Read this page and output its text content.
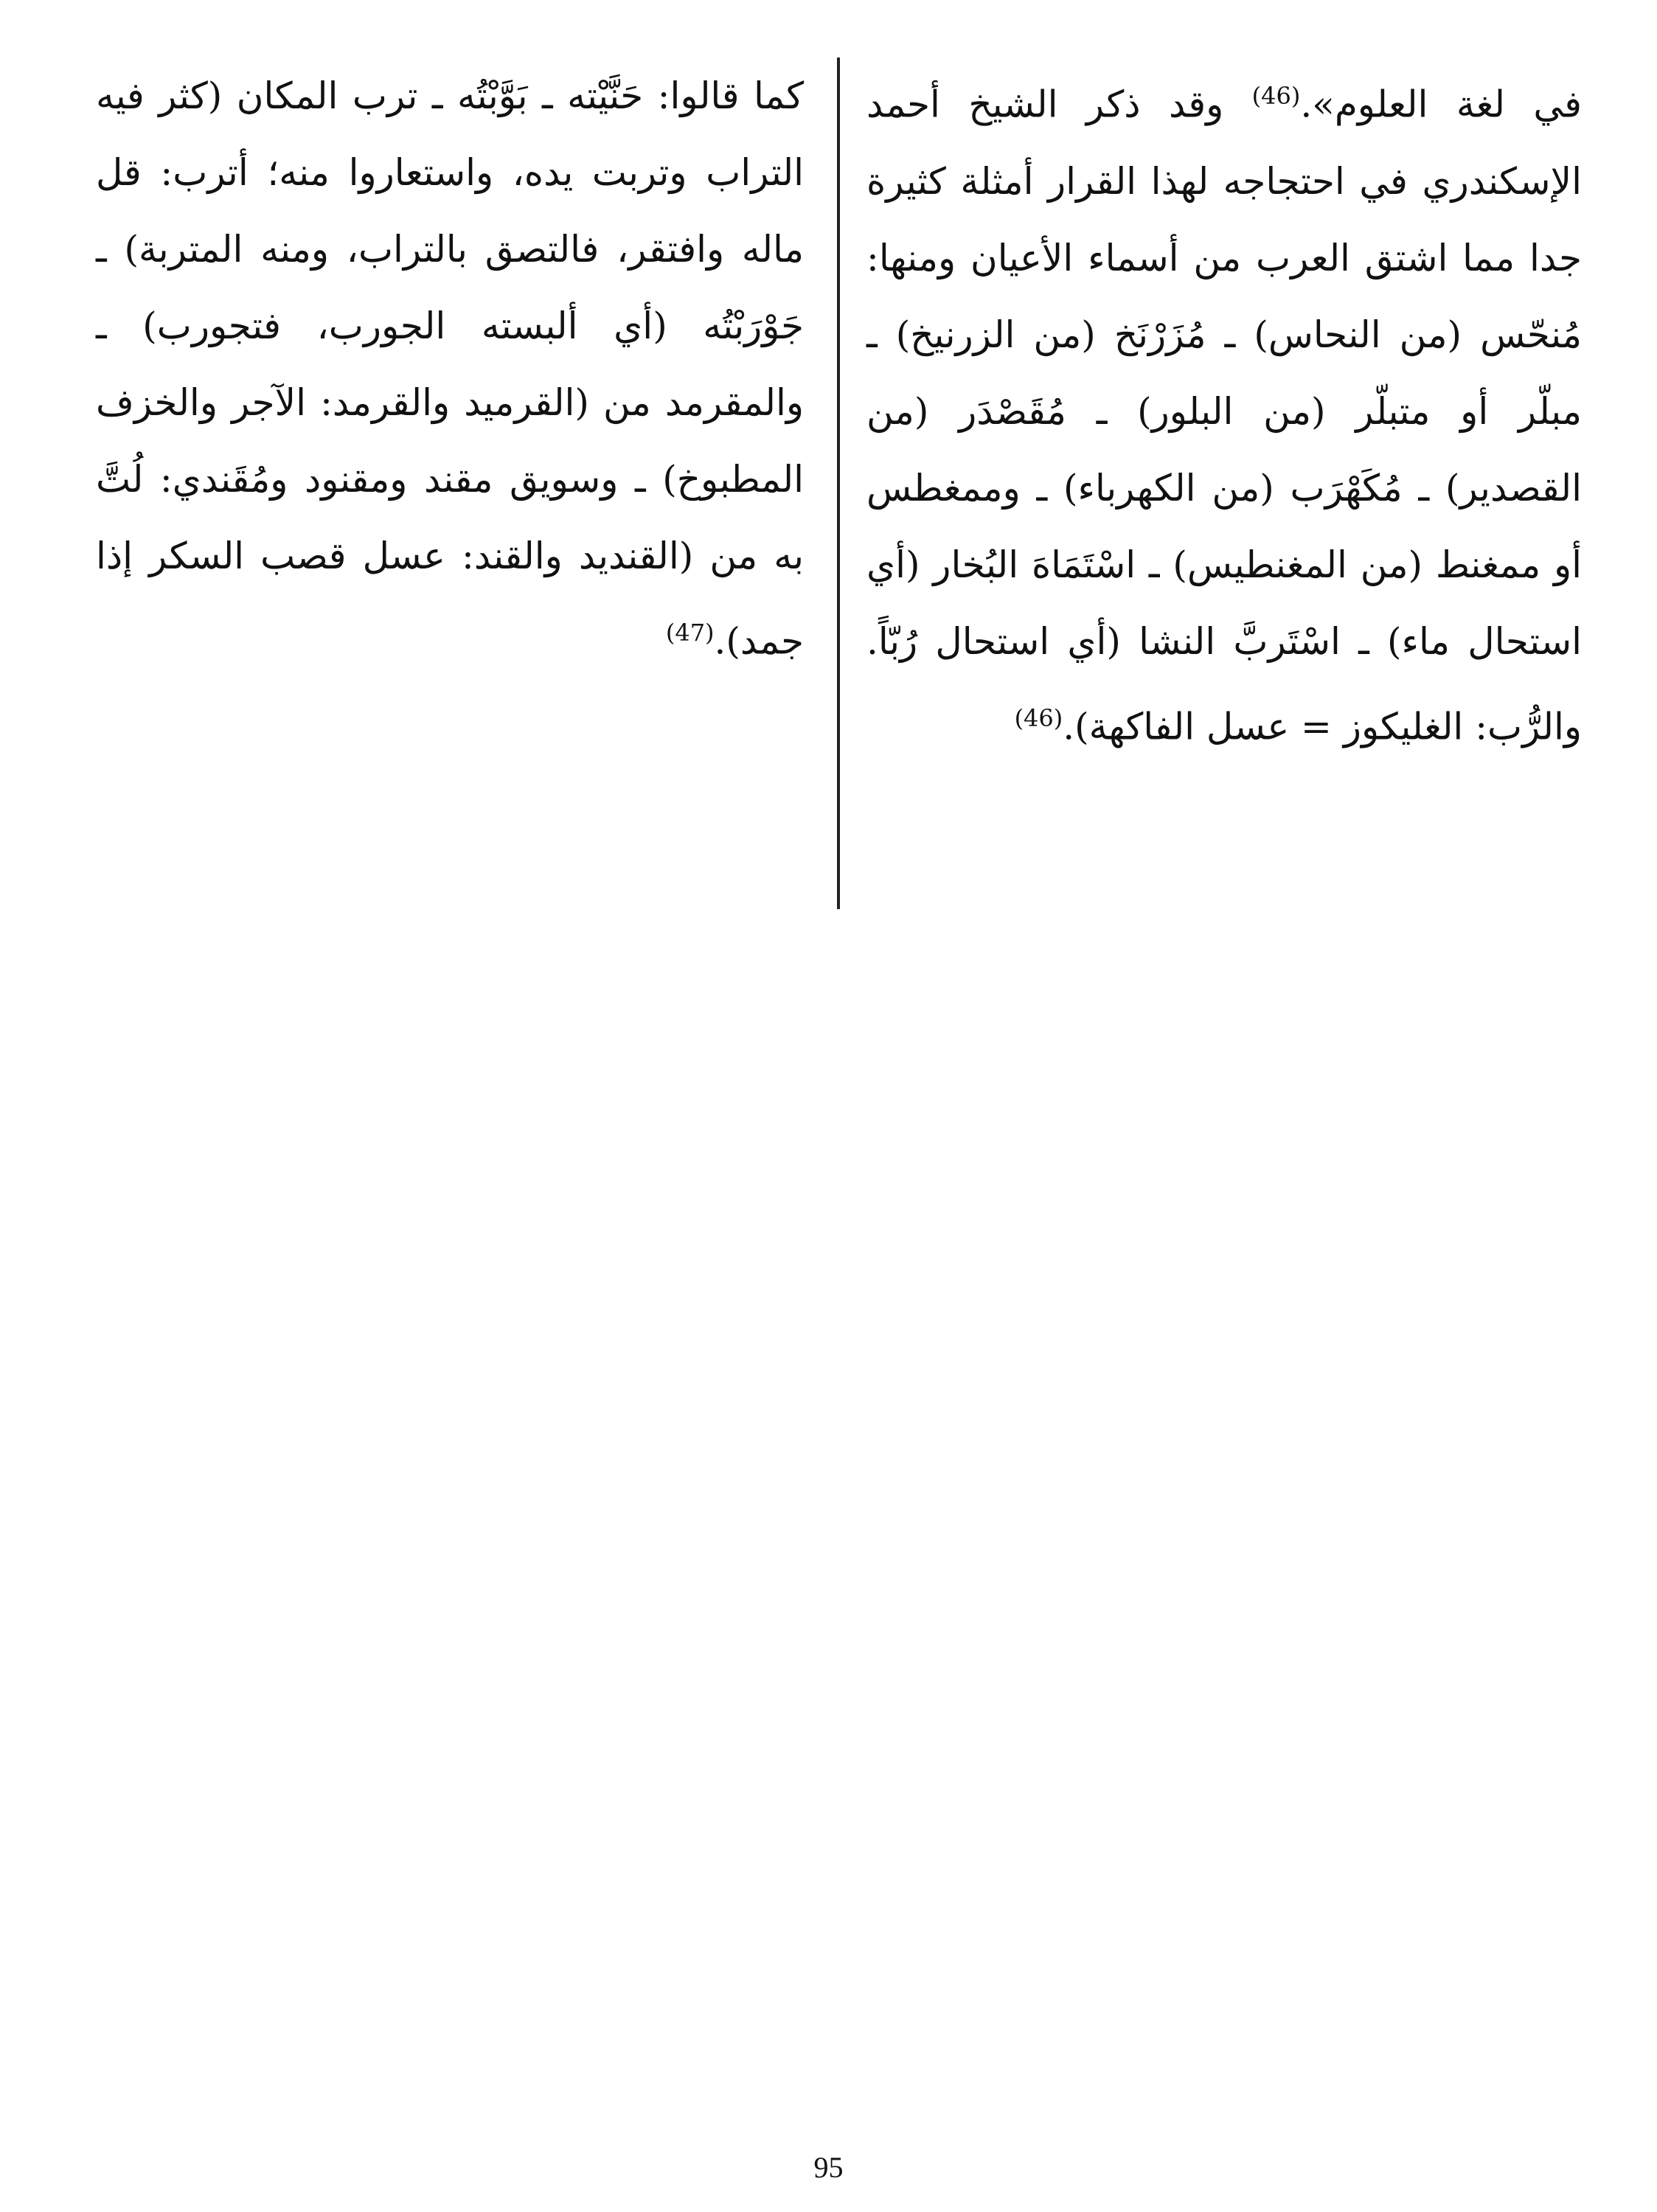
في لغة العلوم».$^{(46)}$ وقد ذكر الشيخ أحمد الإسكندري في احتجاجه لهذا القرار أمثلة كثيرة جدا مما اشتق العرب من أسماء الأعيان ومنها: مُنحّس (من النحاس) ـ مُزَرْنَخ (من الزرنيخ) ـ مبلّر أو متبلّر (من البلور) ـ مُقَصْدَر (من القصدير) ـ مُكَهْرَب (من الكهرباء) ـ وممغطس أو ممغنط (من المغنطيس) ـ اسْتَمَاهَ البُخار (أي استحال ماء) ـ اسْتَربَّ النشا (أي استحال رُبّاً. والرُّب: الغليكوز = عسل الفاكهة).$^{(46)}$

كما قالوا: حَنَّيْته ـ بَوَّبْتُه ـ ترب المكان (كثر فيه التراب وتربت يده، واستعاروا منه؛ أترب: قل ماله وافتقر، فالتصق بالتراب، ومنه المتربة) ـ جَوْرَبْتُه (أي ألبسته الجورب، فتجورب) ـ والمقرمد من (القرميد والقرمد: الآجر والخزف المطبوخ) ـ وسويق مقند ومقنود ومُقَندي: لُتَّ به من (القنديد والقند: عسل قصب السكر إذا جمد).$^{(47)}$

95
